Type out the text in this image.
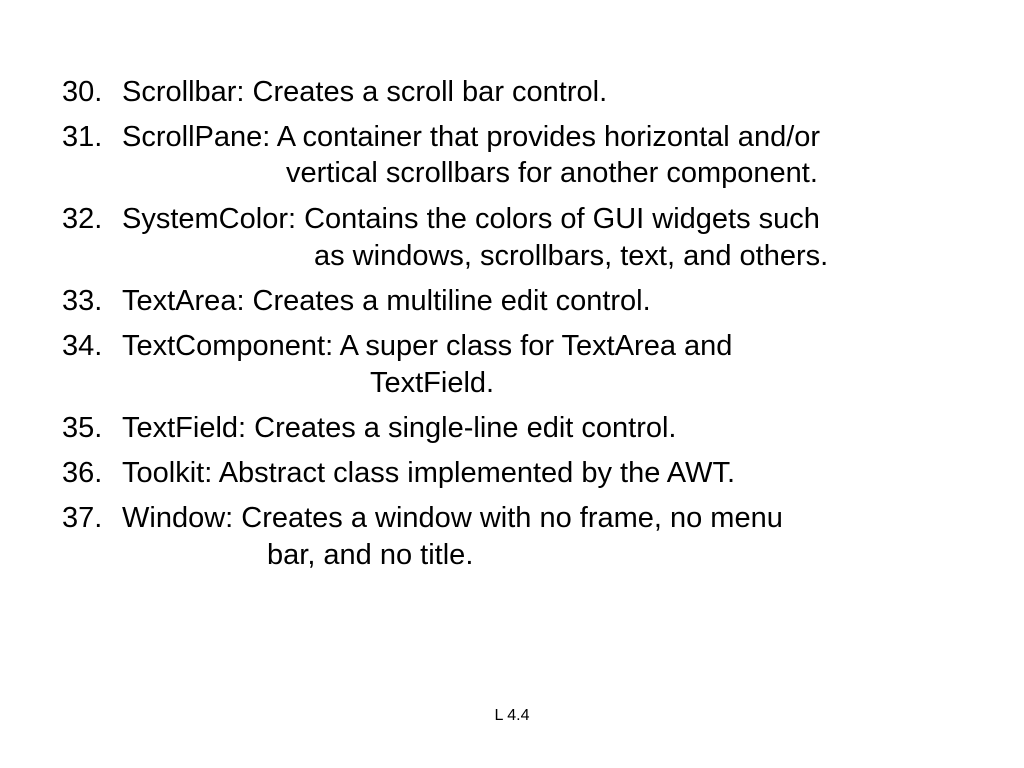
30. Scrollbar: Creates a scroll bar control.
31. ScrollPane: A container that provides horizontal and/or
vertical scrollbars for another component.
32. SystemColor: Contains the colors of GUI widgets such
as windows, scrollbars, text, and others.
33. TextArea: Creates a multiline edit control.
34. TextComponent: A super class for TextArea and
TextField.
35. TextField: Creates a single-line edit control.
36. Toolkit: Abstract class implemented by the AWT.
37. Window: Creates a window with no frame, no menu
bar, and no title.
L 4.4
